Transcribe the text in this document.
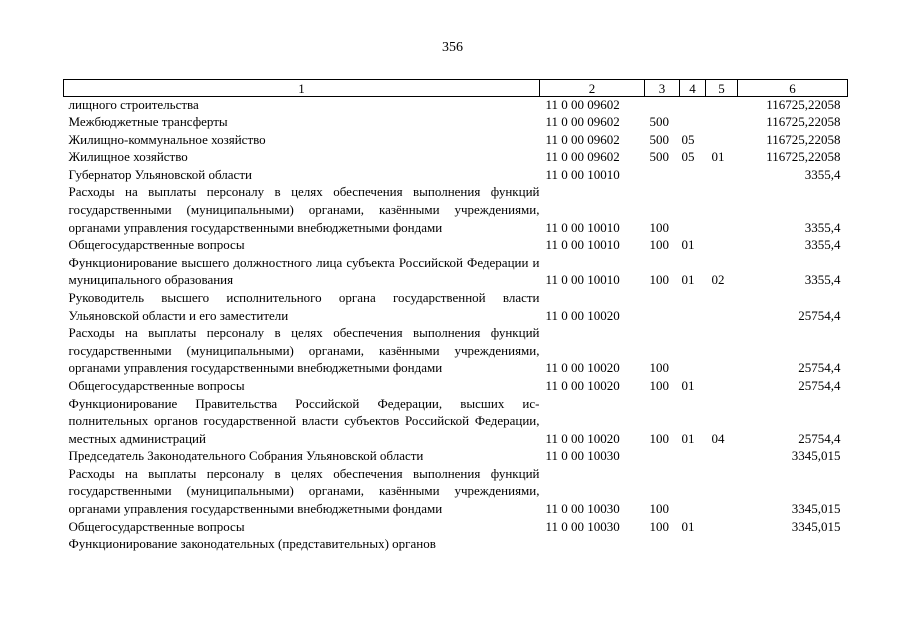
356
1	2	3	4	5	6
лищного строительства	11 0 00 09602				116725,22058
Межбюджетные трансферты	11 0 00 09602	500			116725,22058
Жилищно-коммунальное хозяйство	11 0 00 09602	500	05		116725,22058
Жилищное хозяйство	11 0 00 09602	500	05	01	116725,22058
Губернатор Ульяновской области	11 0 00 10010				3355,4
Расходы на выплаты персоналу в целях обеспечения выполнения функций государственными (муниципальными) органами, казёнными учреждениями, органами управления государственными внебюджетными фондами	11 0 00 10010	100			3355,4
Общегосударственные вопросы	11 0 00 10010	100	01		3355,4
Функционирование высшего должностного лица субъекта Российской Федерации и муниципального образования	11 0 00 10010	100	01	02	3355,4
Руководитель высшего исполнительного органа государственной власти Ульяновской области и его заместители	11 0 00 10020				25754,4
Расходы на выплаты персоналу в целях обеспечения выполнения функций государственными (муниципальными) органами, казёнными учреждениями, органами управления государственными внебюджетными фондами	11 0 00 10020	100			25754,4
Общегосударственные вопросы	11 0 00 10020	100	01		25754,4
Функционирование Правительства Российской Федерации, высших исполнительных органов государственной власти субъектов Российской Федерации, местных администраций	11 0 00 10020	100	01	04	25754,4
Председатель Законодательного Собрания Ульяновской области	11 0 00 10030				3345,015
Расходы на выплаты персоналу в целях обеспечения выполнения функций государственными (муниципальными) органами, казёнными учреждениями, органами управления государственными внебюджетными фондами	11 0 00 10030	100			3345,015
Общегосударственные вопросы	11 0 00 10030	100	01		3345,015
Функционирование законодательных (представительных) органов					
